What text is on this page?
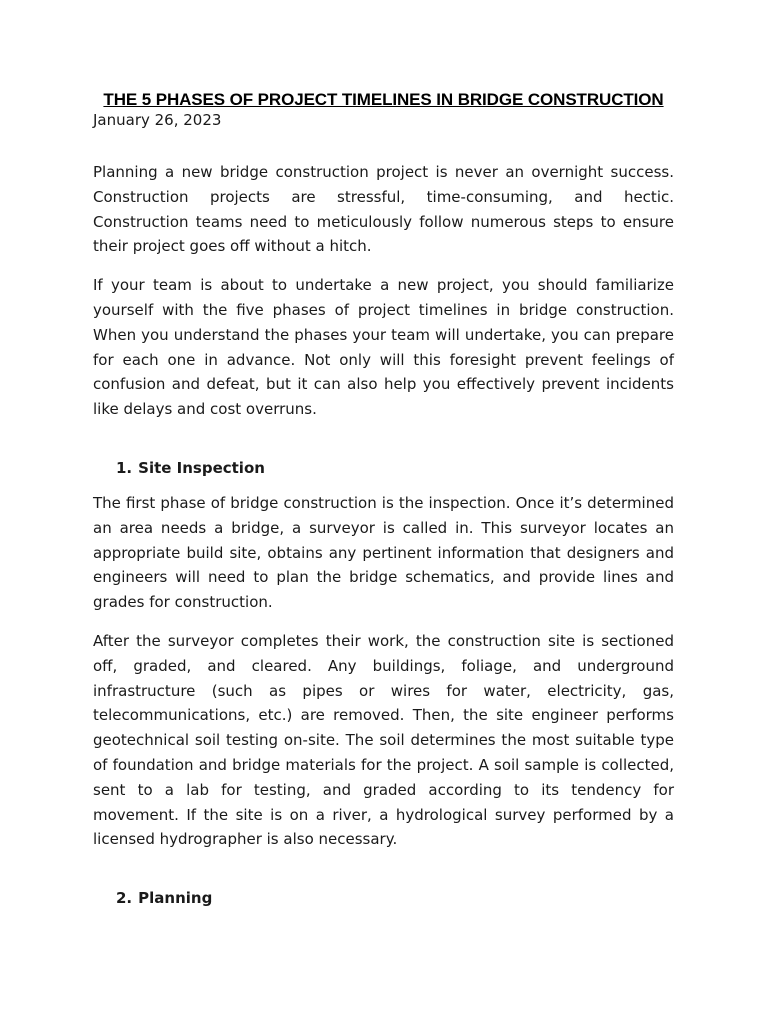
THE 5 PHASES OF PROJECT TIMELINES IN BRIDGE CONSTRUCTION
January 26, 2023

Planning a new bridge construction project is never an overnight success. Construction projects are stressful, time-consuming, and hectic. Construction teams need to meticulously follow numerous steps to ensure their project goes off without a hitch.

If your team is about to undertake a new project, you should familiarize yourself with the five phases of project timelines in bridge construction. When you understand the phases your team will undertake, you can prepare for each one in advance. Not only will this foresight prevent feelings of confusion and defeat, but it can also help you effectively prevent incidents like delays and cost overruns.

1. Site Inspection

The first phase of bridge construction is the inspection. Once it’s determined an area needs a bridge, a surveyor is called in. This surveyor locates an appropriate build site, obtains any pertinent information that designers and engineers will need to plan the bridge schematics, and provide lines and grades for construction.

After the surveyor completes their work, the construction site is sectioned off, graded, and cleared. Any buildings, foliage, and underground infrastructure (such as pipes or wires for water, electricity, gas, telecommunications, etc.) are removed. Then, the site engineer performs geotechnical soil testing on-site. The soil determines the most suitable type of foundation and bridge materials for the project. A soil sample is collected, sent to a lab for testing, and graded according to its tendency for movement. If the site is on a river, a hydrological survey performed by a licensed hydrographer is also necessary.

2. Planning
